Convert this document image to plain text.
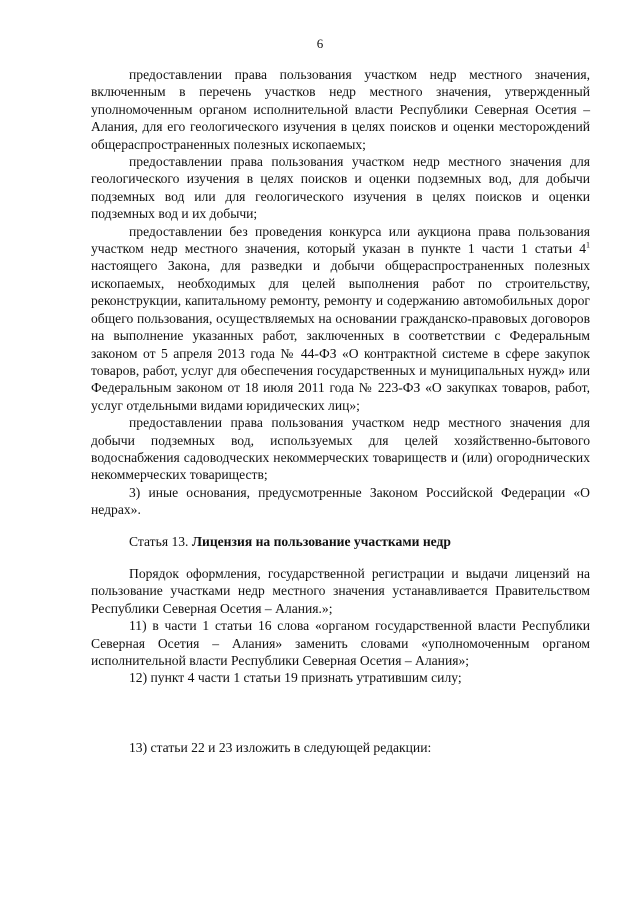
6

предоставлении права пользования участком недр местного значения, включенным в перечень участков недр местного значения, утвержденный уполномоченным органом исполнительной власти Республики Северная Осетия – Алания, для его геологического изучения в целях поисков и оценки месторождений общераспространенных полезных ископаемых;

предоставлении права пользования участком недр местного значения для геологического изучения в целях поисков и оценки подземных вод, для добычи подземных вод или для геологического изучения в целях поисков и оценки подземных вод и их добычи;

предоставлении без проведения конкурса или аукциона права пользования участком недр местного значения, который указан в пункте 1 части 1 статьи $4^1$ настоящего Закона, для разведки и добычи общераспространенных полезных ископаемых, необходимых для целей выполнения работ по строительству, реконструкции, капитальному ремонту, ремонту и содержанию автомобильных дорог общего пользования, осуществляемых на основании гражданско-правовых договоров на выполнение указанных работ, заключенных в соответствии с Федеральным законом от 5 апреля 2013 года № 44-ФЗ «О контрактной системе в сфере закупок товаров, работ, услуг для обеспечения государственных и муниципальных нужд» или Федеральным законом от 18 июля 2011 года № 223-ФЗ «О закупках товаров, работ, услуг отдельными видами юридических лиц»;

предоставлении права пользования участком недр местного значения для добычи подземных вод, используемых для целей хозяйственно-бытового водоснабжения садоводческих некоммерческих товариществ и (или) огороднических некоммерческих товариществ;

3) иные основания, предусмотренные Законом Российской Федерации «О недрах».

Статья 13. Лицензия на пользование участками недр

Порядок оформления, государственной регистрации и выдачи лицензий на пользование участками недр местного значения устанавливается Правительством Республики Северная Осетия – Алания.»;

11) в части 1 статьи 16 слова «органом государственной власти Республики Северная Осетия – Алания» заменить словами «уполномоченным органом исполнительной власти Республики Северная Осетия – Алания»;

12) пункт 4 части 1 статьи 19 признать утратившим силу;

13) статьи 22 и 23 изложить в следующей редакции:
